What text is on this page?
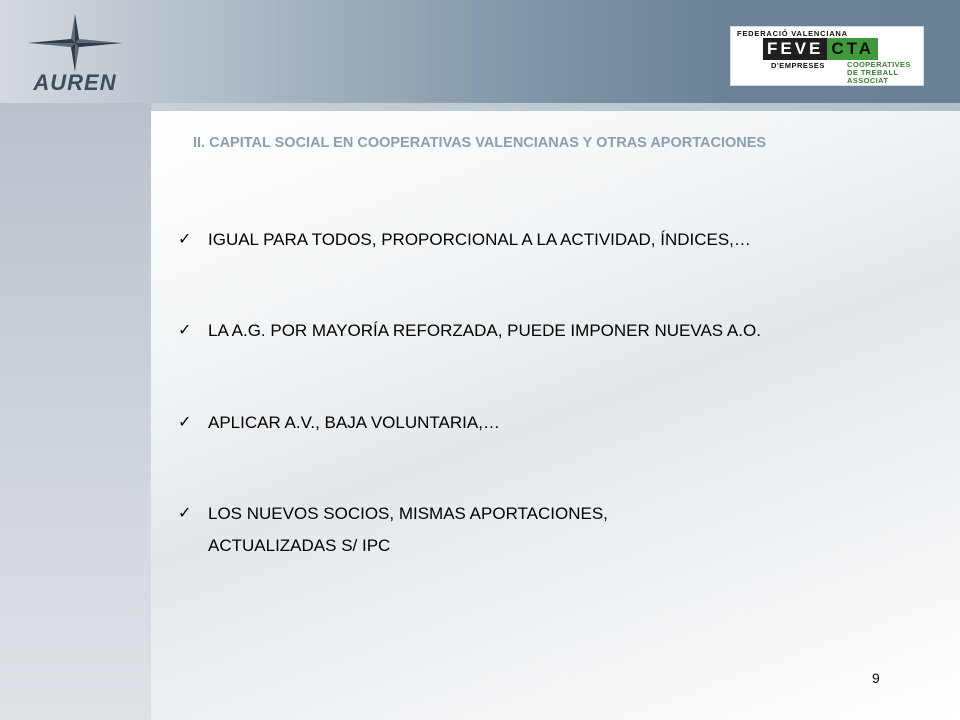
AUREN
FEDERACIÓ VALENCIANA
FEVE CTA
D'EMPRESES	COOPERATIVES
DE TREBALL
ASSOCIAT
II. CAPITAL SOCIAL EN COOPERATIVAS VALENCIANAS Y OTRAS APORTACIONES
✓ IGUAL PARA TODOS, PROPORCIONAL A LA ACTIVIDAD, ÍNDICES,…
✓ LA A.G. POR MAYORÍA REFORZADA, PUEDE IMPONER NUEVAS A.O.
✓ APLICAR A.V., BAJA VOLUNTARIA,…
✓ LOS NUEVOS SOCIOS, MISMAS APORTACIONES, ACTUALIZADAS S/ IPC
9
